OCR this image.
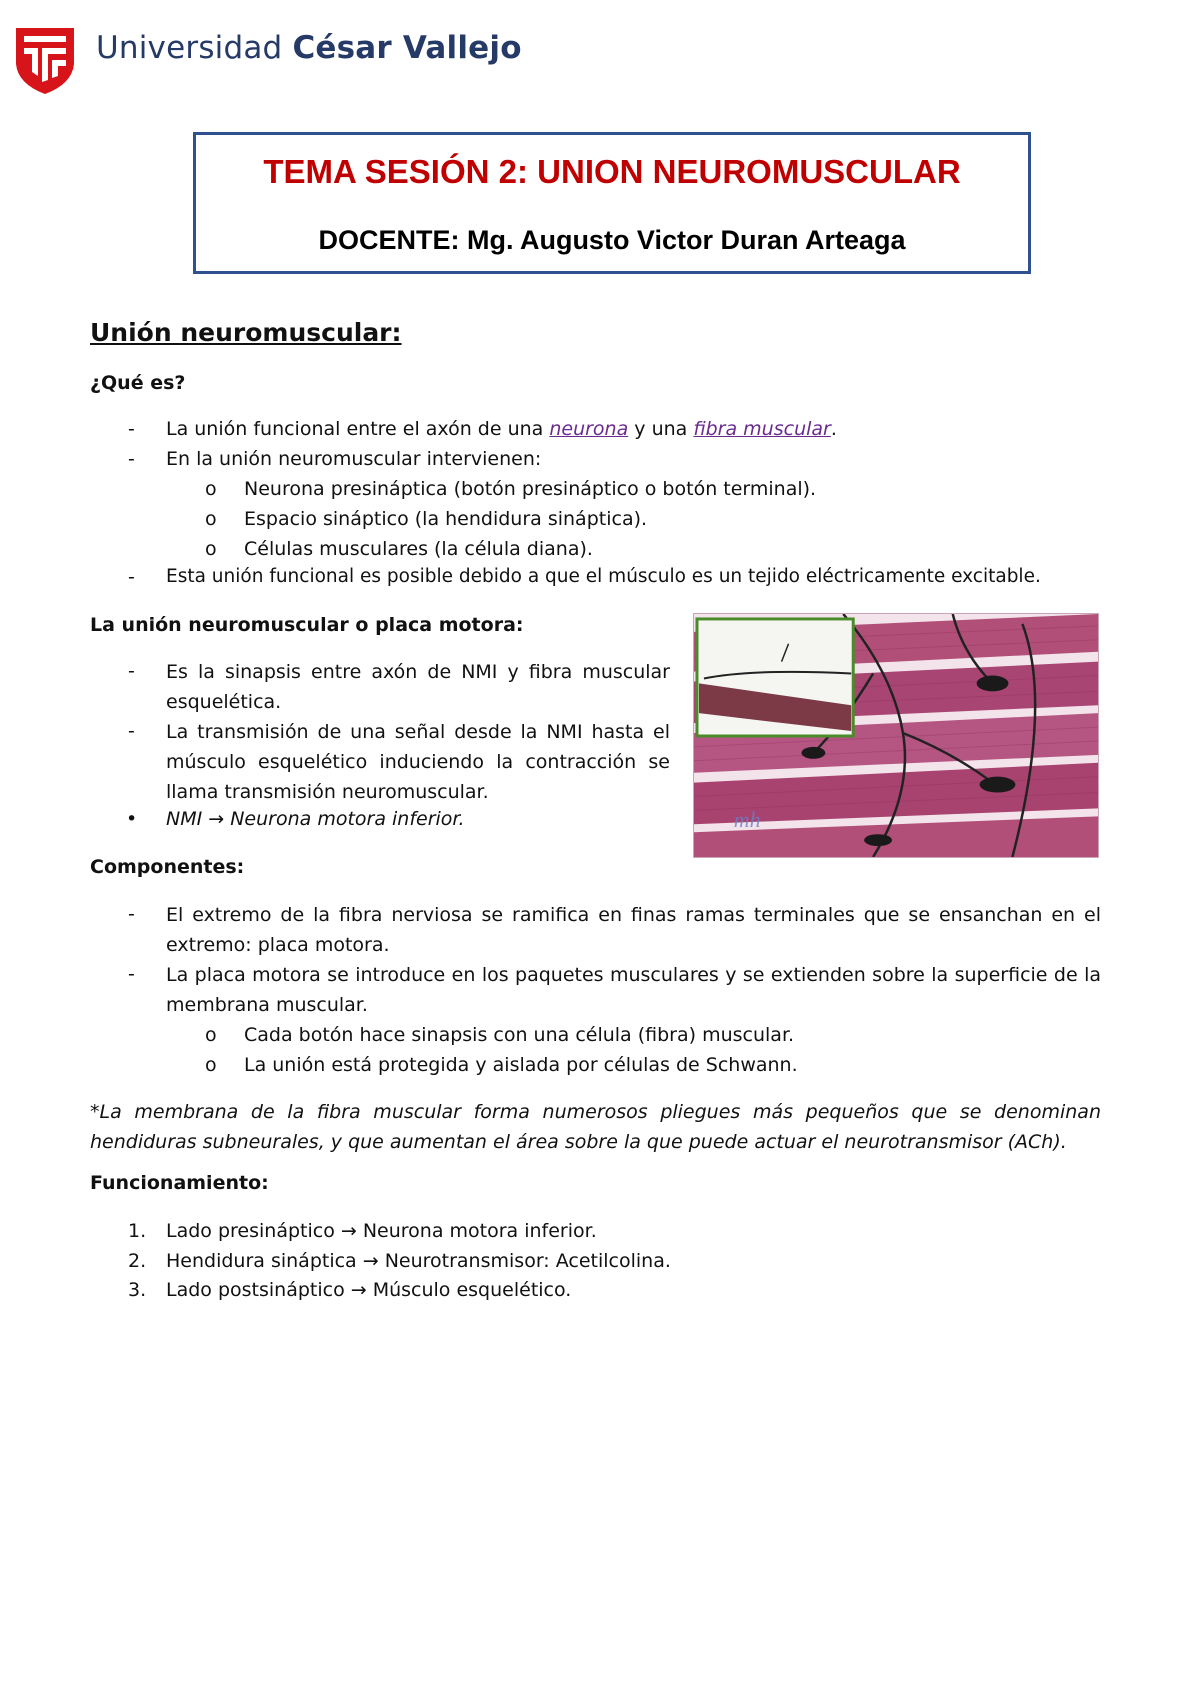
Universidad César Vallejo
TEMA SESIÓN 2: UNION NEUROMUSCULAR
DOCENTE: Mg. Augusto Victor Duran Arteaga
Unión neuromuscular:
¿Qué es?
- La unión funcional entre el axón de una neurona y una fibra muscular.
- En la unión neuromuscular intervienen:
o Neurona presináptica (botón presináptico o botón terminal).
o Espacio sináptico (la hendidura sináptica).
o Células musculares (la célula diana).
- Esta unión funcional es posible debido a que el músculo es un tejido eléctricamente excitable.
La unión neuromuscular o placa motora:
- Es la sinapsis entre axón de NMI y fibra muscular esquelética.
- La transmisión de una señal desde la NMI hasta el músculo esquelético induciendo la contracción se llama transmisión neuromuscular.
• NMI → Neurona motora inferior.	mh
Componentes:
- El extremo de la fibra nerviosa se ramifica en finas ramas terminales que se ensanchan en el extremo: placa motora.
- La placa motora se introduce en los paquetes musculares y se extienden sobre la superficie de la membrana muscular.
o Cada botón hace sinapsis con una célula (fibra) muscular.
o La unión está protegida y aislada por células de Schwann.
*La membrana de la fibra muscular forma numerosos pliegues más pequeños que se denominan hendiduras subneurales, y que aumentan el área sobre la que puede actuar el neurotransmisor (ACh).
Funcionamiento:
1. Lado presináptico → Neurona motora inferior.
2. Hendidura sináptica → Neurotransmisor: Acetilcolina.
3. Lado postsináptico → Músculo esquelético.
